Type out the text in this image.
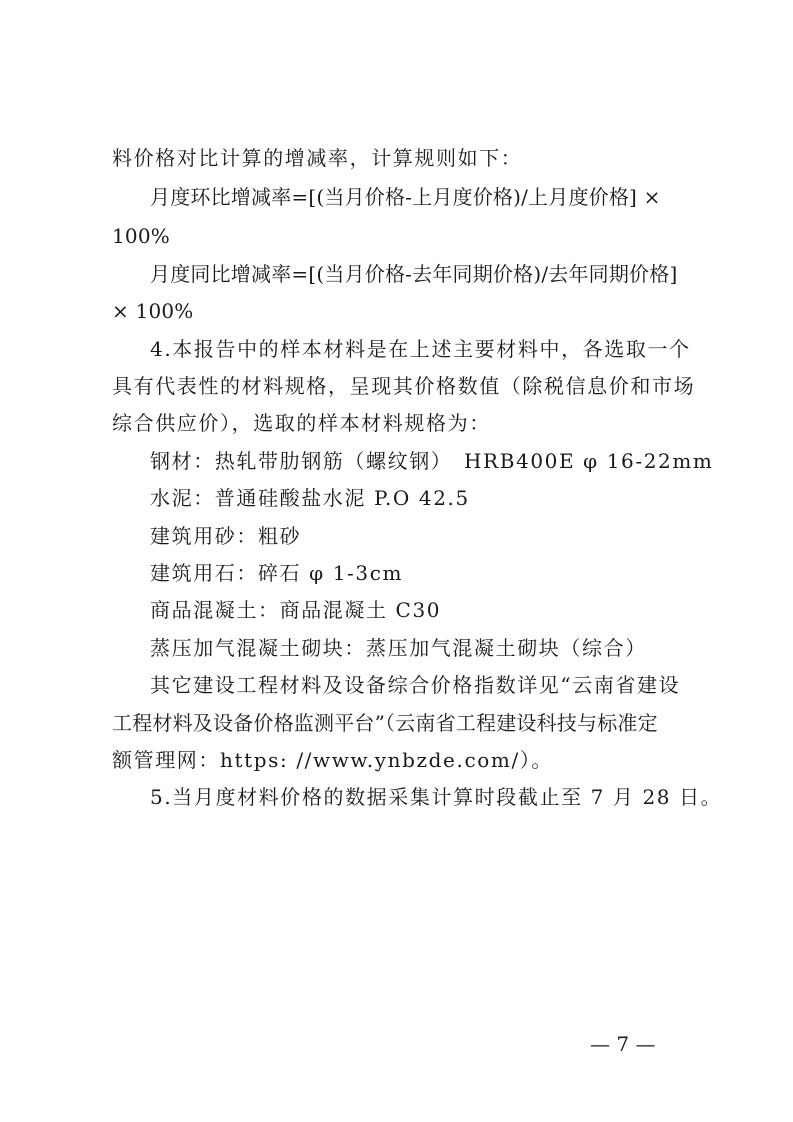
料价格对比计算的增减率，计算规则如下：
月度环比增减率=[(当月价格-上月度价格)/上月度价格] ×
100%
月度同比增减率=[(当月价格-去年同期价格)/去年同期价格]
× 100%
4.本报告中的样本材料是在上述主要材料中，各选取一个
具有代表性的材料规格，呈现其价格数值（除税信息价和市场
综合供应价），选取的样本材料规格为：
钢材：热轧带肋钢筋（螺纹钢）　HRB400E φ 16-22mm
水泥：普通硅酸盐水泥 P.O 42.5
建筑用砂：粗砂
建筑用石：碎石 φ 1-3cm
商品混凝土：商品混凝土 C30
蒸压加气混凝土砌块：蒸压加气混凝土砌块（综合）
其它建设工程材料及设备综合价格指数详见“云南省建设
工程材料及设备价格监测平台”（云南省工程建设科技与标准定
额管理网：https: //www.ynbzde.com/）。
5.当月度材料价格的数据采集计算时段截止至 7 月 28 日。
— 7 —
